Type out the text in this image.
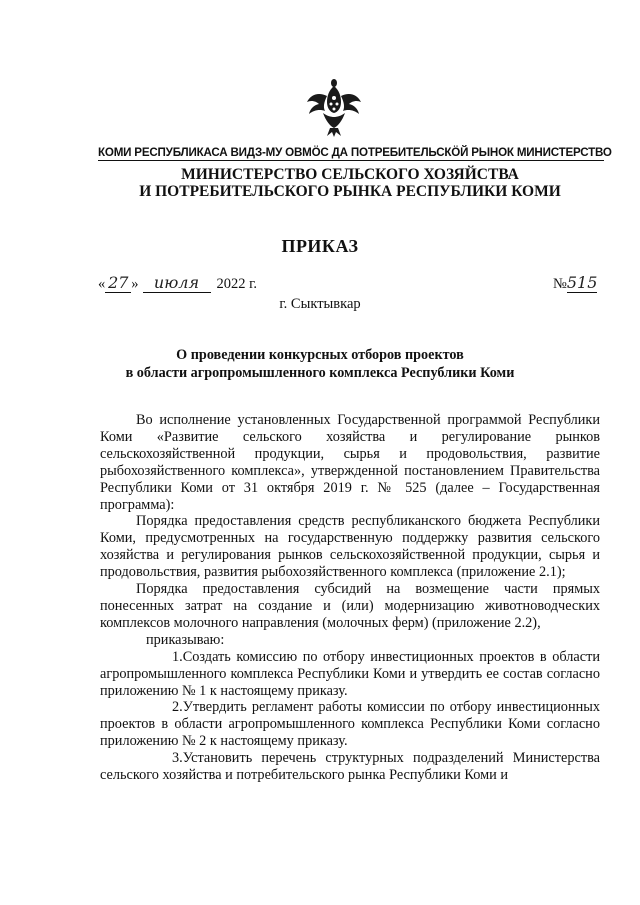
КОМИ РЕСПУБЛИКАСА ВИДЗ-МУ ОВМÖС ДА ПОТРЕБИТЕЛЬСКÖЙ РЫНОК МИНИСТЕРСТВО
МИНИСТЕРСТВО СЕЛЬСКОГО ХОЗЯЙСТВА
И ПОТРЕБИТЕЛЬСКОГО РЫНКА РЕСПУБЛИКИ КОМИ
ПРИКАЗ
« 27 » июля 2022 г.	№515
г. Сыктывкар
О проведении конкурсных отборов проектов
в области агропромышленного комплекса Республики Коми

Во исполнение установленных Государственной программой Республики Коми «Развитие сельского хозяйства и регулирование рынков сельскохозяйственной продукции, сырья и продовольствия, развитие рыбохозяйственного комплекса», утвержденной постановлением Правительства Республики Коми от 31 октября 2019 г. № 525 (далее – Государственная программа):

Порядка предоставления средств республиканского бюджета Республики Коми, предусмотренных на государственную поддержку развития сельского хозяйства и регулирования рынков сельскохозяйственной продукции, сырья и продовольствия, развития рыбохозяйственного комплекса (приложение 2.1);

Порядка предоставления субсидий на возмещение части прямых понесенных затрат на создание и (или) модернизацию животноводческих комплексов молочного направления (молочных ферм) (приложение 2.2),

приказываю:

1.Создать комиссию по отбору инвестиционных проектов в области агропромышленного комплекса Республики Коми и утвердить ее состав согласно приложению № 1 к настоящему приказу.

2.Утвердить регламент работы комиссии по отбору инвестиционных проектов в области агропромышленного комплекса Республики Коми согласно приложению № 2 к настоящему приказу.

3.Установить перечень структурных подразделений Министерства сельского хозяйства и потребительского рынка Республики Коми и
